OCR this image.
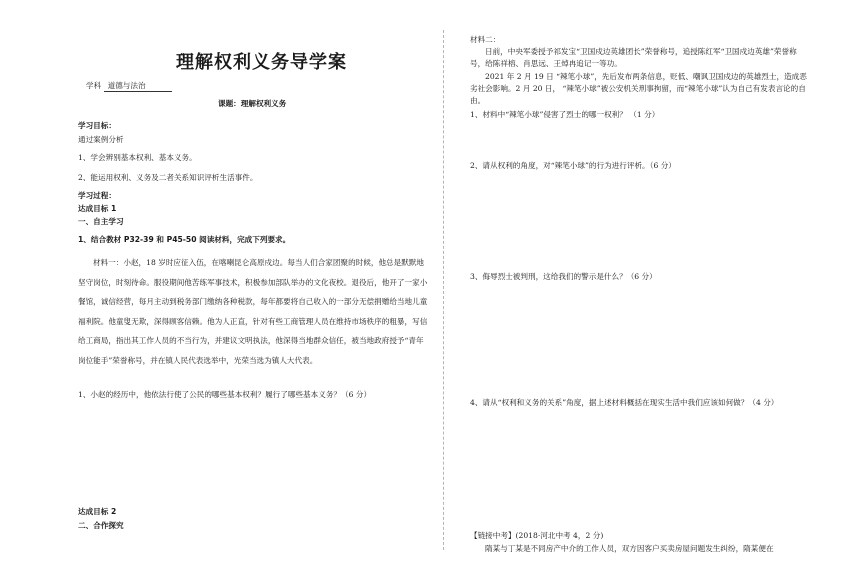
理解权利义务导学案
学科 道德与法治
课题：理解权利义务
学习目标：
通过案例分析
1、学会辨别基本权利、基本义务。
2、能运用权利、义务及二者关系知识评析生活事件。
学习过程：
达成目标 1
一、自主学习
1、结合教材 P32-39 和 P45-50 阅读材料，完成下列要求。
材料一：小赵，18 岁时应征入伍，在喀喇昆仑高原戍边。每当人们合家团聚的时候，他总是默默地坚守岗位，时刻待命。服役期间他苦练军事技术，积极参加部队举办的文化夜校。退役后，他开了一家小餐馆，诚信经营，每月主动到税务部门缴纳各种税款，每年都要将自己收入的一部分无偿捐赠给当地儿童福利院。他童叟无欺，深得顾客信赖。他为人正直，针对有些工商管理人员在维持市场秩序的粗暴，写信给工商局，指出其工作人员的不当行为，并建议文明执法，他深得当地群众信任，被当地政府授予“青年岗位能手”荣誉称号，并在镇人民代表选举中，光荣当选为镇人大代表。
1、小赵的经历中，他依法行使了公民的哪些基本权利？履行了哪些基本义务？（6 分）
达成目标 2
二、合作探究
材料二：
日前，中央军委授予祁发宝“卫国戍边英雄团长”荣誉称号，追授陈红军“卫国戍边英雄”荣誉称号，给陈祥榕、肖思远、王焯冉追记一等功。
2021 年 2 月 19 日 “辣笔小球”，先后发布两条信息，贬低、嘲讽卫国戍边的英雄烈士，造成恶劣社会影响。2 月 20 日， “辣笔小球”被公安机关刑事拘留，而“辣笔小球”认为自己有发表言论的自由。
1、材料中“辣笔小球”侵害了烈士的哪一权利？ （1 分）
2、请从权利的角度，对“辣笔小球”的行为进行评析。（6 分）
3、侮辱烈士被判刑，这给我们的警示是什么？（6 分）
4、请从“权利和义务的关系”角度，据上述材料概括在现实生活中我们应该如何做？（4 分）
【链接中考】(2018·河北中考 4，2 分)
隋某与丁某是不同房产中介的工作人员，双方因客户买卖房屋问题发生纠纷，隋某便在
